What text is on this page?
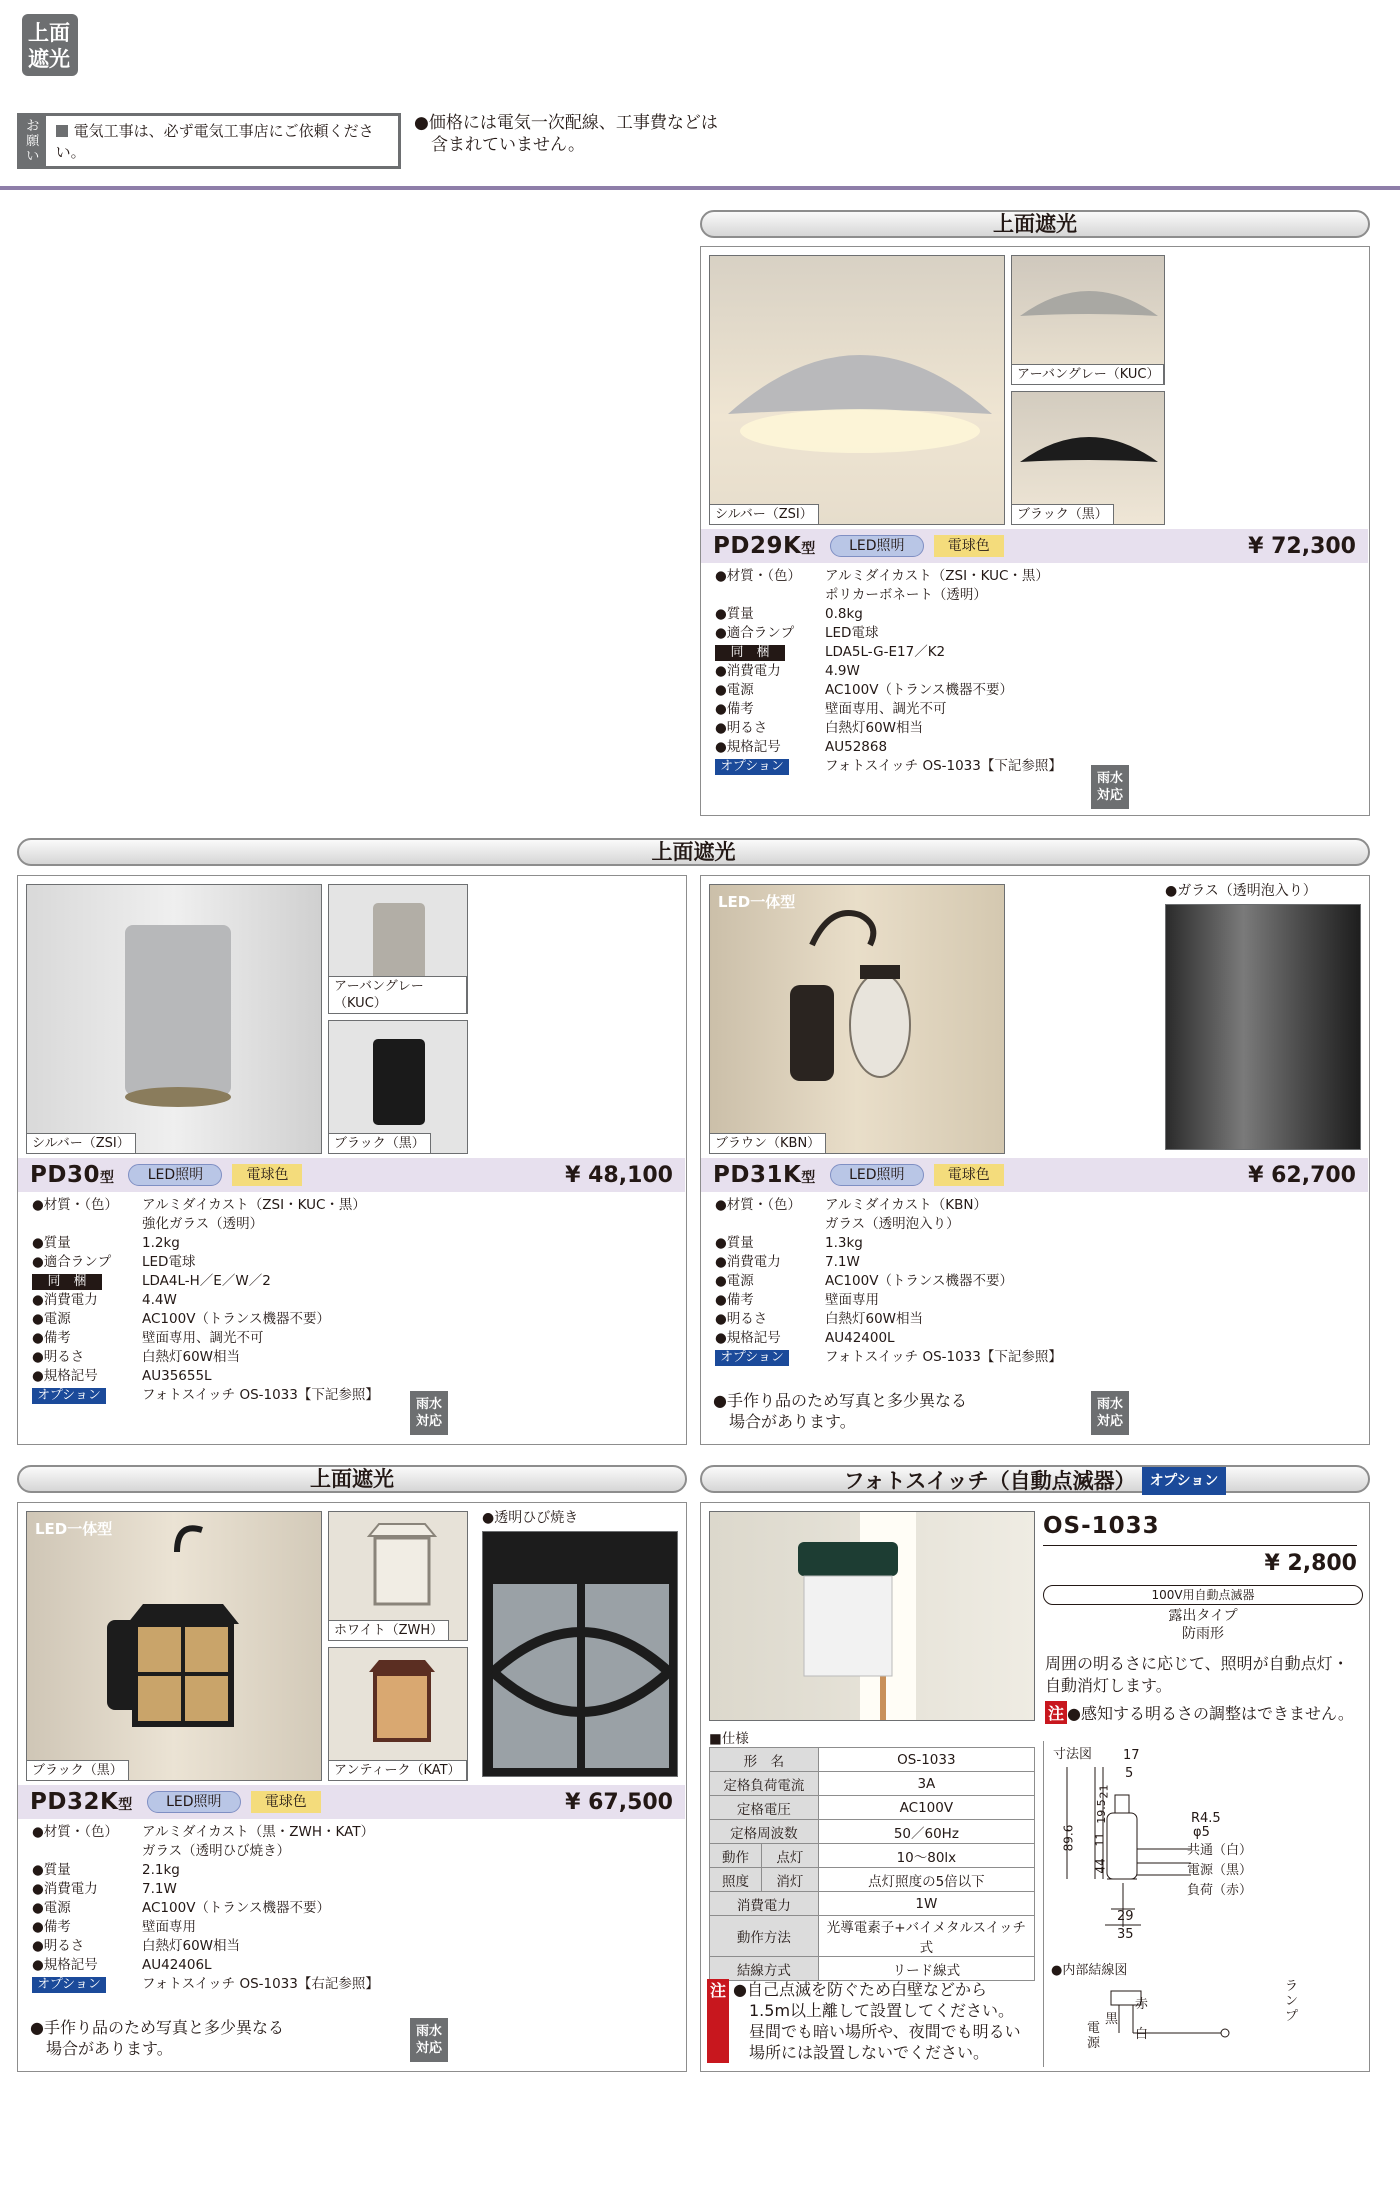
上面
遮光
お願い
電気工事は、必ず電気工事店にご依頼ください。
●価格には電気一次配線、工事費などは
　含まれていません。
上面遮光
シルバー（ZSI）
アーバングレー（KUC）
ブラック（黒）
PD29K型	LED照明	電球色	¥ 72,300
●材質・（色）	アルミダイカスト（ZSI・KUC・黒）
ポリカーボネート（透明）
●質量	0.8kg
●適合ランプ	LED電球
同　梱	LDA5L-G-E17／K2
●消費電力	4.9W
●電源	AC100V（トランス機器不要）
●備考	壁面専用、調光不可
●明るさ	白熱灯60W相当
●規格記号	AU52868
オプション	フォトスイッチ OS-1033【下記参照】
雨水
対応
上面遮光
シルバー（ZSI）
アーバングレー（KUC）
ブラック（黒）
PD30型	LED照明	電球色	¥ 48,100
●材質・（色）	アルミダイカスト（ZSI・KUC・黒）
強化ガラス（透明）
●質量	1.2kg
●適合ランプ	LED電球
同　梱	LDA4L-H／E／W／2
●消費電力	4.4W
●電源	AC100V（トランス機器不要）
●備考	壁面専用、調光不可
●明るさ	白熱灯60W相当
●規格記号	AU35655L
オプション	フォトスイッチ OS-1033【下記参照】
雨水
対応
LED一体型
ブラウン（KBN）
●ガラス（透明泡入り）
PD31K型	LED照明	電球色	¥ 62,700
●材質・（色）	アルミダイカスト（KBN）
ガラス（透明泡入り）
●質量	1.3kg
●消費電力	7.1W
●電源	AC100V（トランス機器不要）
●備考	壁面専用
●明るさ	白熱灯60W相当
●規格記号	AU42400L
オプション	フォトスイッチ OS-1033【下記参照】
●手作り品のため写真と多少異なる
　場合があります。
雨水
対応
上面遮光	フォトスイッチ（自動点滅器） オプション
LED一体型
ブラック（黒）
ホワイト（ZWH）
アンティーク（KAT）
●透明ひび焼き
PD32K型	LED照明	電球色	¥ 67,500
●材質・（色）	アルミダイカスト（黒・ZWH・KAT）
ガラス（透明ひび焼き）
●質量	2.1kg
●消費電力	7.1W
●電源	AC100V（トランス機器不要）
●備考	壁面専用
●明るさ	白熱灯60W相当
●規格記号	AU42406L
オプション	フォトスイッチ OS-1033【右記参照】
●手作り品のため写真と多少異なる
　場合があります。
雨水
対応
OS-1033
¥ 2,800
100V用自動点滅器
露出タイプ
防雨形
周囲の明るさに応じて、照明が自動点灯・
自動消灯します。
注 ●感知する明るさの調整はできません。
■仕様
形　名		OS-1033
定格負荷電流		3A
定格電圧		AC100V
定格周波数		50／60Hz
動作	点灯	10～80lx
照度	消灯	点灯照度の5倍以下
消費電力		1W
動作方法		光導電素子+バイメタルスイッチ式
結線方式		リード線式
注 ●自己点滅を防ぐため白壁などから
　1.5m以上離して設置してください。
　昼間でも暗い場所や、夜間でも明るい
　場所には設置しないでください。
寸法図 17
5
21
19.5
11
44
89.6
R4.5
φ5
共通（白）
電源（黒）
負荷（赤）
29
35
●内部結線図
黒
赤
白
電
源
ラ
ン
プ
